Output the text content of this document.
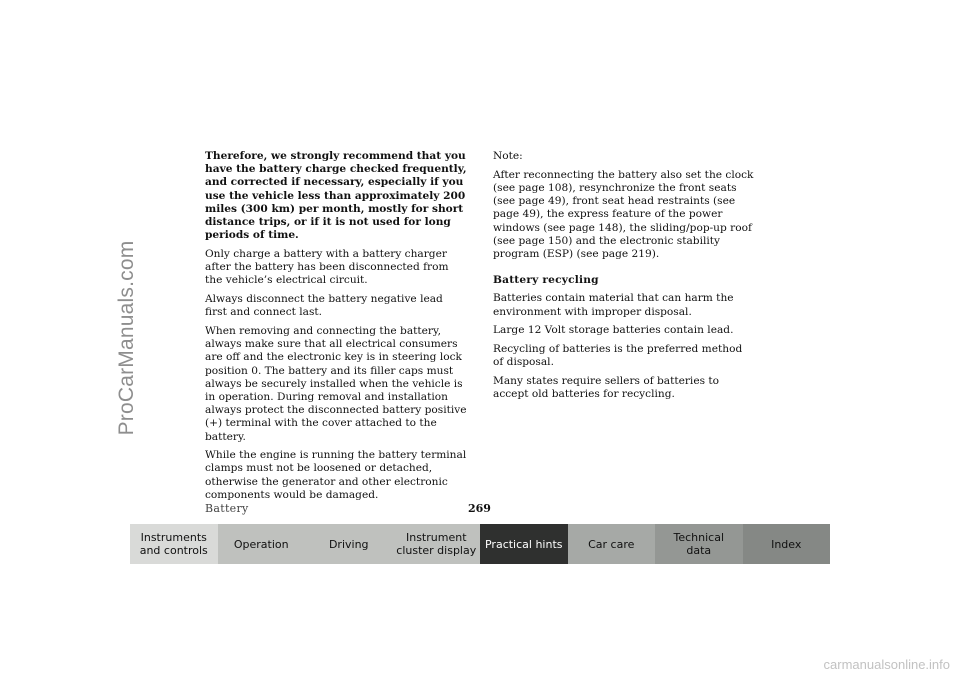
ProCarManuals.com

Therefore, we strongly recommend that you have the battery charge checked frequently, and corrected if necessary, especially if you use the vehicle less than approximately 200 miles (300 km) per month, mostly for short distance trips, or if it is not used for long periods of time.

Only charge a battery with a battery charger after the battery has been disconnected from the vehicle’s electrical circuit.

Always disconnect the battery negative lead first and connect last.

When removing and connecting the battery, always make sure that all electrical consumers are off and the electronic key is in steering lock position 0. The battery and its filler caps must always be securely installed when the vehicle is in operation. During removal and installation always protect the disconnected battery positive (+) terminal with the cover attached to the battery.

While the engine is running the battery terminal clamps must not be loosened or detached, otherwise the generator and other electronic components would be damaged.

Note:

After reconnecting the battery also set the clock (see page 108), resynchronize the front seats (see page 49), front seat head restraints (see page 49), the express feature of the power windows (see page 148), the sliding/pop-up roof (see page 150) and the electronic stability program (ESP) (see page 219).

Battery recycling

Batteries contain material that can harm the environment with improper disposal.

Large 12 Volt storage batteries contain lead.

Recycling of batteries is the preferred method of disposal.

Many states require sellers of batteries to accept old batteries for recycling.

Battery	269
Instruments
and controls	Operation	Driving	Instrument
cluster display Practical hints	Car care	Technical
data	Index
carmanualsonline.info
